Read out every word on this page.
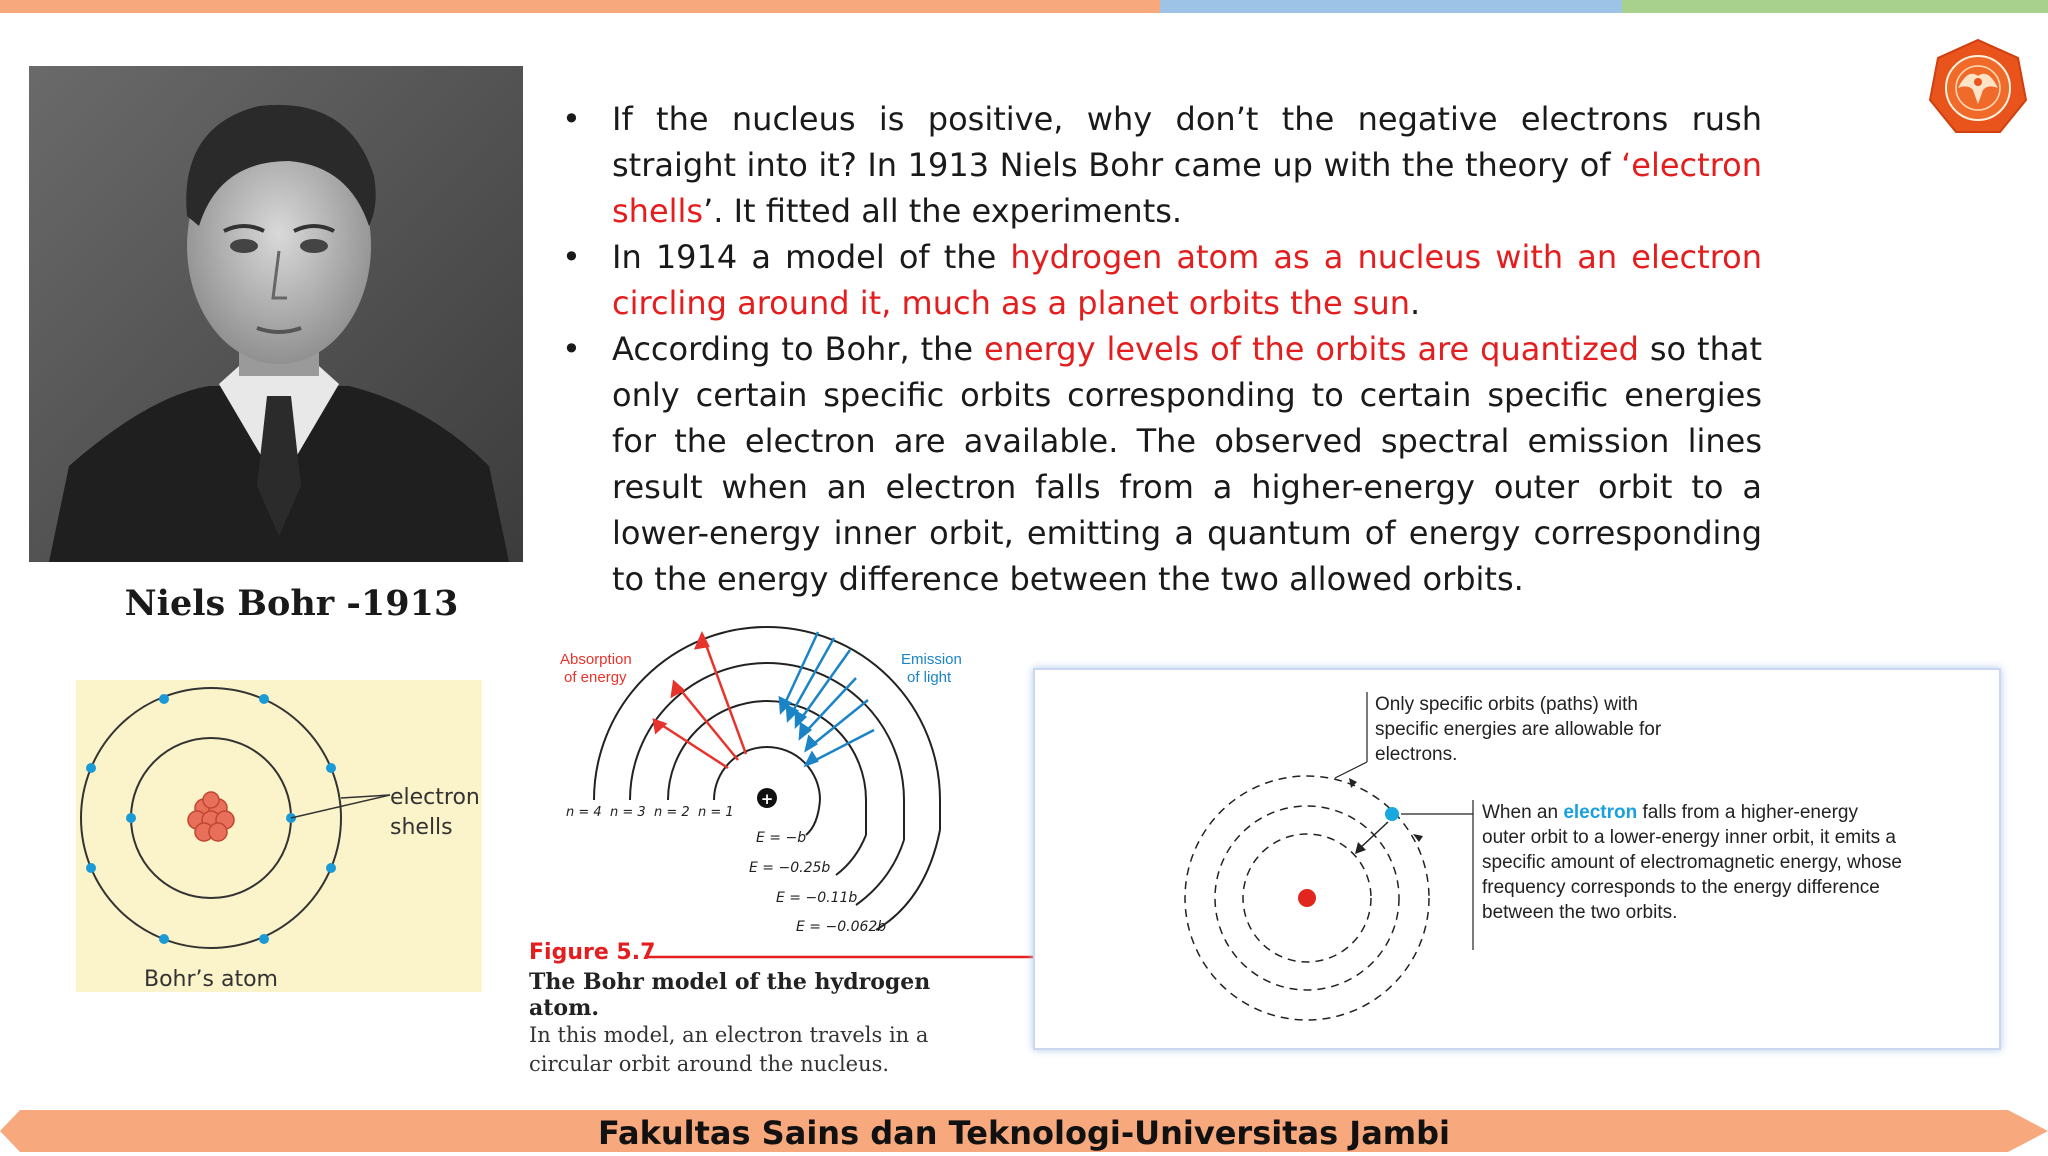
Niels Bohr -1913
• If the nucleus is positive, why don’t the negative electrons rush straight into it? In 1913 Niels Bohr came up with the theory of ‘electron shells’. It fitted all the experiments.
• In 1914 a model of the hydrogen atom as a nucleus with an electron circling around it, much as a planet orbits the sun.
• According to Bohr, the energy levels of the orbits are quantized so that only certain specific orbits corresponding to certain specific energies for the electron are available. The observed spectral emission lines result when an electron falls from a higher-energy outer orbit to a lower-energy inner orbit, emitting a quantum of energy corresponding to the energy difference between the two allowed orbits.
electron
shells
Bohr’s atom
+
Absorption
of energy
Emission
of light
n = 4 n = 3 n = 2 n = 1
E = −b
E = −0.25b
E = −0.11b
E = −0.062b
Figure 5.7
The Bohr model of the hydrogen atom.
In this model, an electron travels in a circular orbit around the nucleus.
Only specific orbits (paths) with specific energies are allowable for electrons.
When an electron falls from a higher-energy outer orbit to a lower-energy inner orbit, it emits a specific amount of electromagnetic energy, whose frequency corresponds to the energy difference between the two orbits.
Fakultas Sains dan Teknologi-Universitas Jambi
